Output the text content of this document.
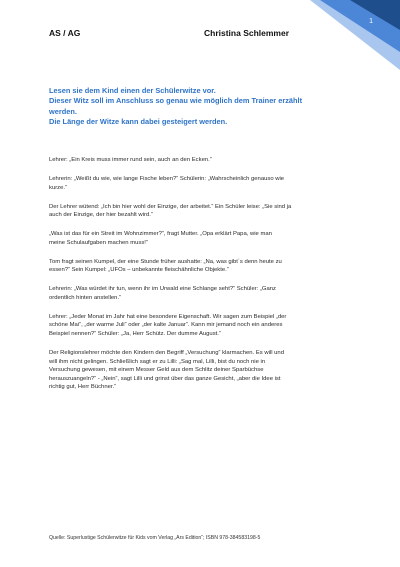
1
AS / AG	Christina Schlemmer
Lesen sie dem Kind einen der Schülerwitze vor.
Dieser Witz soll im Anschluss so genau wie möglich dem Trainer erzählt
werden.
Die Länge der Witze kann dabei gesteigert werden.
Lehrer: „Ein Kreis muss immer rund sein, auch an den Ecken.“
Lehrerin: „Weißt du wie, wie lange Fische leben?“ Schülerin: „Wahrscheinlich genauso wie
kurze.“
Der Lehrer wütend: „Ich bin hier wohl der Einzige, der arbeitet.“ Ein Schüler leise: „Sie sind ja
auch der Einzige, der hier bezahlt wird.“
„Was ist das für ein Streit im Wohnzimmer?“, fragt Mutter. „Opa erklärt Papa, wie man
meine Schulaufgaben machen muss!“
Tom fragt seinen Kumpel, der eine Stunde früher aushatte: „Na, was gibt´s denn heute zu
essen?“ Sein Kumpel: „UFOs – unbekannte fleischähnliche Objekte.“
Lehrerin: „Was würdet ihr tun, wenn ihr im Urwald eine Schlange seht?“ Schüler: „Ganz
ordentlich hinten anstellen.“
Lehrer: „Jeder Monat im Jahr hat eine besondere Eigenschaft. Wir sagen zum Beispiel „der
schöne Mai“, „der warme Juli“ oder „der kalte Januar“. Kann mir jemand noch ein anderes
Beispiel nennen?“ Schüler: „Ja, Herr Schütz. Der dumme August.“
Der Religionslehrer möchte den Kindern den Begriff „Versuchung“ klarmachen. Es will und
will ihm nicht gelingen. Schließlich sagt er zu Lilli: „Sag mal, Lilli, bist du noch nie in
Versuchung gewesen, mit einem Messer Geld aus dem Schlitz deiner Sparbüchse
herauszuangeln?“ - „Nein“, sagt Lilli und grinst über das ganze Gesicht, „aber die Idee ist
richtig gut, Herr Büchner.“
Quelle: Superlustige Schülerwitze für Kids vom Verlag „Ars Edition“; ISBN 978-384583198-5
